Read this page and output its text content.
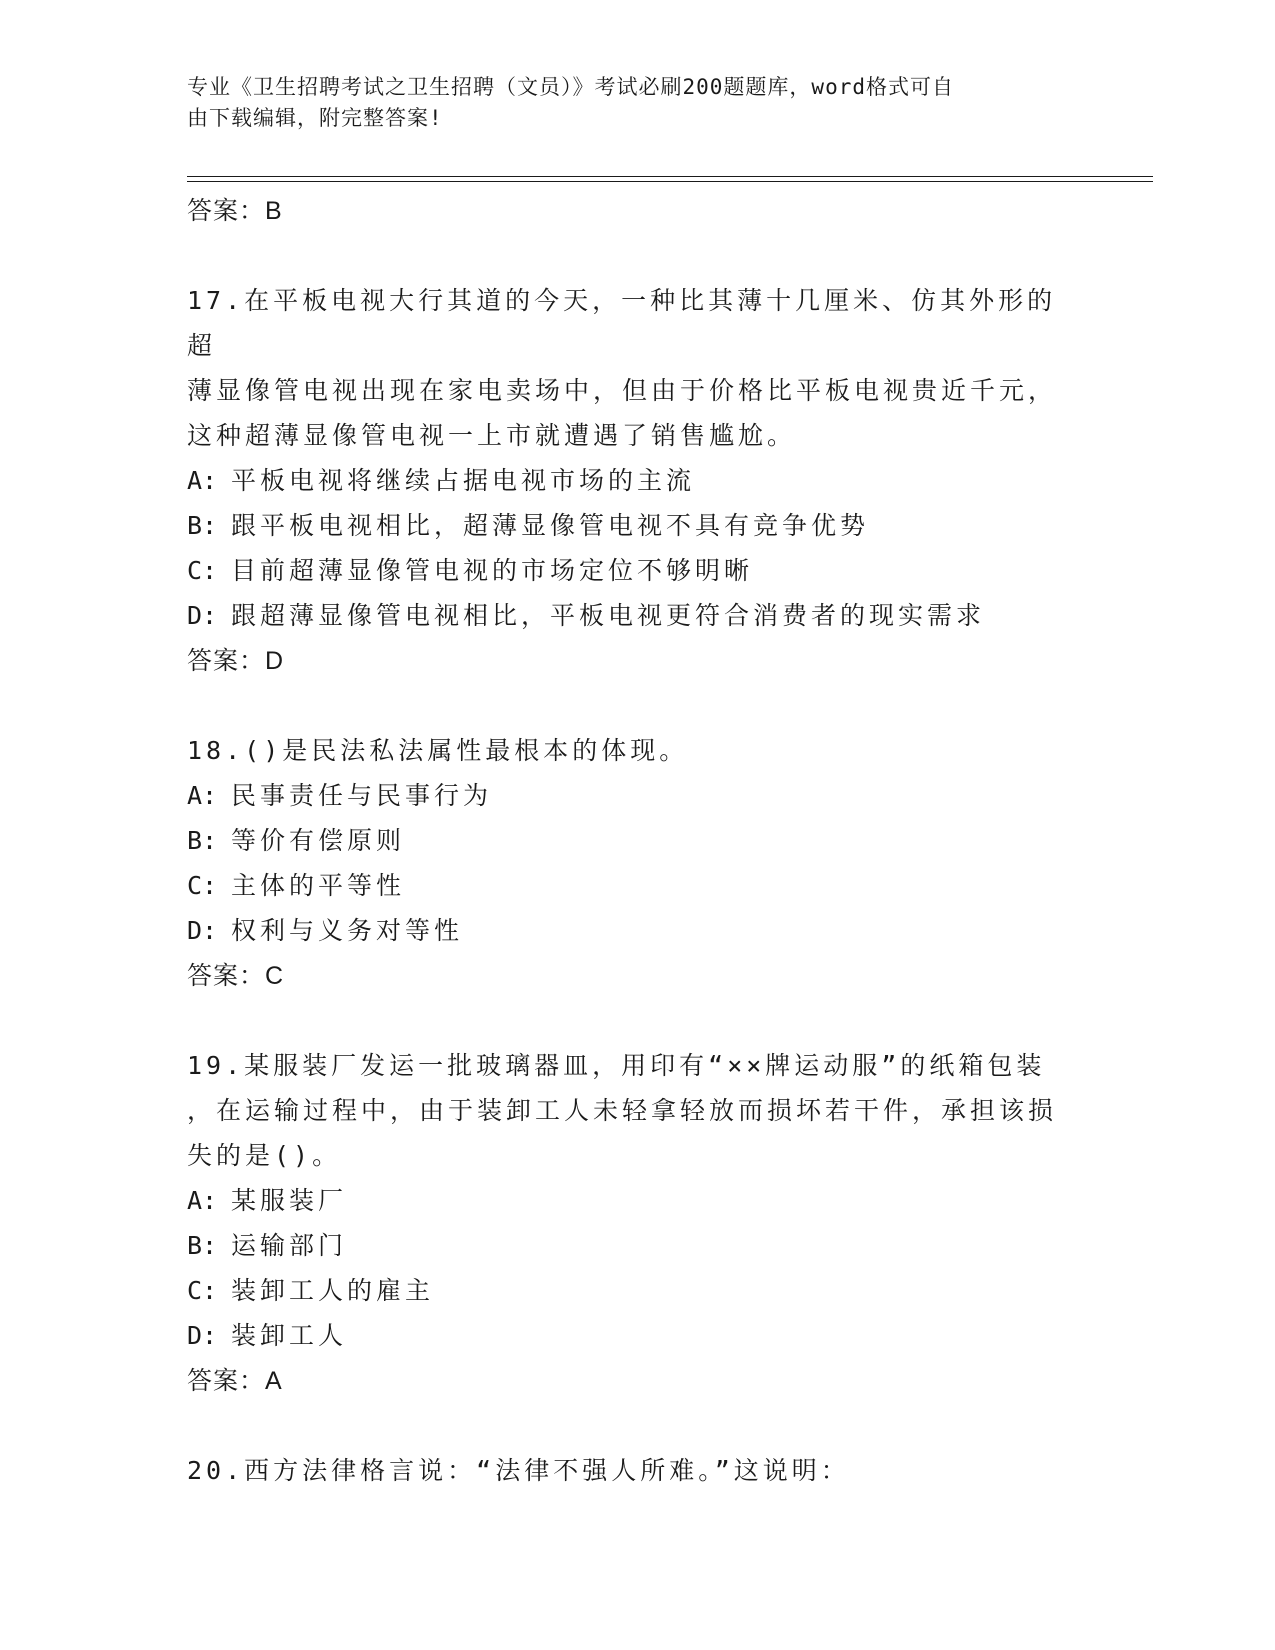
专业《卫生招聘考试之卫生招聘（文员）》考试必刷200题题库，word格式可自
由下载编辑，附完整答案!
答案：B
17.在平板电视大行其道的今天，一种比其薄十几厘米、仿其外形的超
薄显像管电视出现在家电卖场中，但由于价格比平板电视贵近千元，
这种超薄显像管电视一上市就遭遇了销售尴尬。
A: 平板电视将继续占据电视市场的主流
B: 跟平板电视相比，超薄显像管电视不具有竞争优势
C: 目前超薄显像管电视的市场定位不够明晰
D: 跟超薄显像管电视相比，平板电视更符合消费者的现实需求
答案：D
18.()是民法私法属性最根本的体现。
A: 民事责任与民事行为
B: 等价有偿原则
C: 主体的平等性
D: 权利与义务对等性
答案：C
19.某服装厂发运一批玻璃器皿，用印有“××牌运动服”的纸箱包装
，在运输过程中，由于装卸工人未轻拿轻放而损坏若干件，承担该损
失的是()。
A: 某服装厂
B: 运输部门
C: 装卸工人的雇主
D: 装卸工人
答案：A
20.西方法律格言说：“法律不强人所难。”这说明：
